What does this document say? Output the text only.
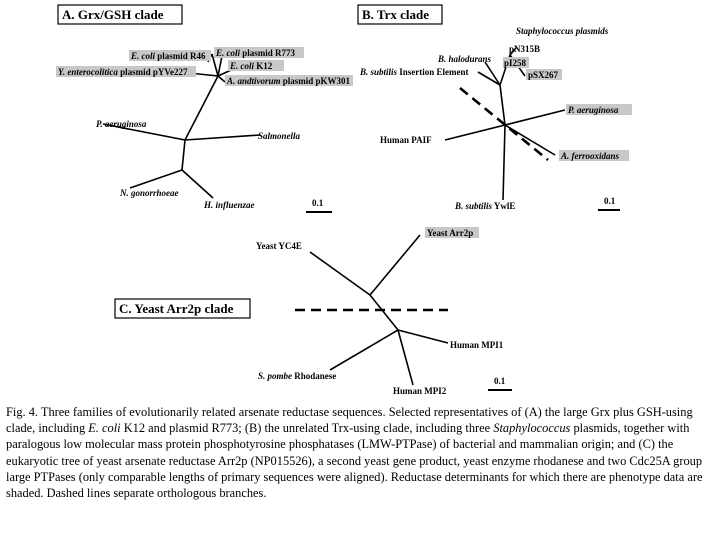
A. Grx/GSH clade
E. coli plasmid R46 E. coli plasmid R773
Y. enterocolitica plasmid pYVe227
E. coli K12
A. andtivorum plasmid pKW301
P. aeruginosa
Salmonella
N. gonorrhoeae
H. influenzae	0.1
B. Trx clade
Staphylococcus plasmids
B. halodurans
pN315B
pI258
pSX267
B. subtilis Insertion Element
P. aeruginosa
Human PAIF
A. ferrooxidans
B. subtilis YwlE	0.1
C. Yeast Arr2p clade
Yeast YC4E
Yeast Arr2p
Human MPI1
S. pombe Rhodanese
Human MPI2
0.1
Fig. 4. Three families of evolutionarily related arsenate reductase sequences. Selected representatives of (A) the large Grx plus GSH-using clade, including E. coli K12 and plasmid R773; (B) the unrelated Trx-using clade, including three Staphylococcus plasmids, together with paralogous low molecular mass protein phosphotyrosine phosphatases (LMW-PTPase) of bacterial and mammalian origin; and (C) the eukaryotic tree of yeast arsenate reductase Arr2p (NP015526), a second yeast gene product, yeast enzyme rhodanese and two Cdc25A group large PTPases (only comparable lengths of primary sequences were aligned). Reductase determinants for which there are phenotype data are shaded. Dashed lines separate orthologous branches.
